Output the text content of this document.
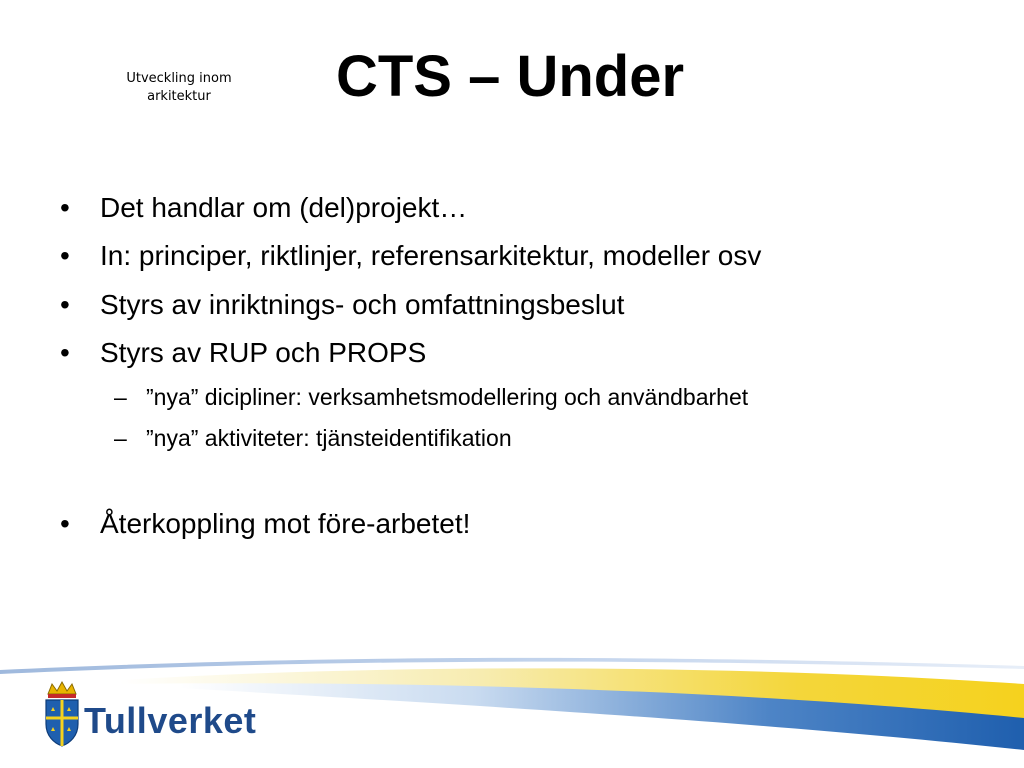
Utveckling inom
arkitektur	CTS – Under
• Det handlar om (del)projekt…
• In: principer, riktlinjer, referensarkitektur, modeller osv
• Styrs av inriktnings- och omfattningsbeslut
• Styrs av RUP och PROPS
– ”nya” dicipliner: verksamhetsmodellering och användbarhet
– ”nya” aktiviteter: tjänsteidentifikation
• Återkoppling mot före-arbetet!
Tullverket
